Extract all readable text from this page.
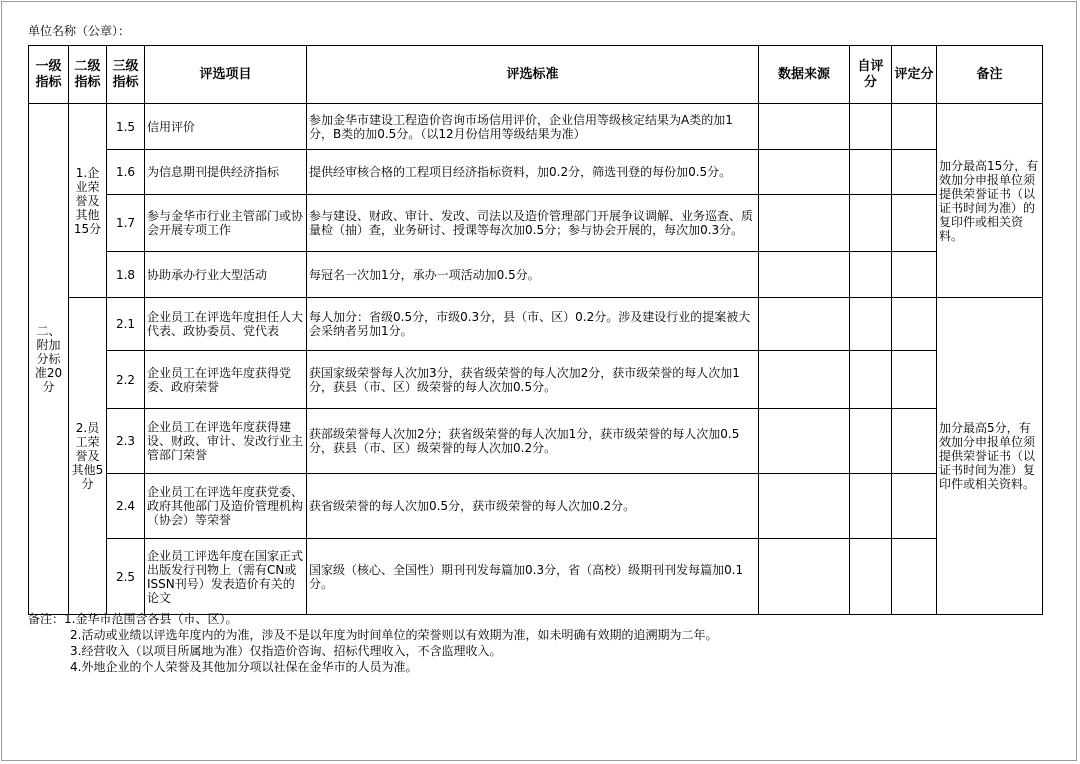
单位名称（公章）：
一级指标	二级指标	三级指标	评选项目	评选标准	数据来源	自评分	评定分	备注
二、附加分标准20分	1.企业荣誉及其他15分	1.5	信用评价	参加金华市建设工程造价咨询市场信用评价，企业信用等级核定结果为A类的加1分，B类的加0.5分。（以12月份信用等级结果为准）				加分最高15分，有效加分申报单位须提供荣誉证书（以证书时间为准）的复印件或相关资料。
		1.6	为信息期刊提供经济指标	提供经审核合格的工程项目经济指标资料，加0.2分，筛选刊登的每份加0.5分。				
		1.7	参与金华市行业主管部门或协会开展专项工作	参与建设、财政、审计、发改、司法以及造价管理部门开展争议调解、业务巡查、质量检（抽）查，业务研讨、授课等每次加0.5分；参与协会开展的，每次加0.3分。				
		1.8	协助承办行业大型活动	每冠名一次加1分，承办一项活动加0.5分。				
	2.员工荣誉及其他5分	2.1	企业员工在评选年度担任人大代表、政协委员、党代表	每人加分：省级0.5分，市级0.3分，县（市、区）0.2分。涉及建设行业的提案被大会采纳者另加1分。				加分最高5分，有效加分申报单位须提供荣誉证书（以证书时间为准）复印件或相关资料。
		2.2	企业员工在评选年度获得党委、政府荣誉	获国家级荣誉每人次加3分，获省级荣誉的每人次加2分，获市级荣誉的每人次加1分，获县（市、区）级荣誉的每人次加0.5分。				
		2.3	企业员工在评选年度获得建设、财政、审计、发改行业主管部门荣誉	获部级荣誉每人次加2分；获省级荣誉的每人次加1分，获市级荣誉的每人次加0.5分，获县（市、区）级荣誉的每人次加0.2分。				
		2.4	企业员工在评选年度获党委、政府其他部门及造价管理机构（协会）等荣誉	获省级荣誉的每人次加0.5分，获市级荣誉的每人次加0.2分。				
		2.5	企业员工评选年度在国家正式出版发行刊物上（需有CN或ISSN刊号）发表造价有关的论文	国家级（核心、全国性）期刊刊发每篇加0.3分，省（高校）级期刊刊发每篇加0.1分。				
备注：1.金华市范围含各县（市、区）。
2.活动或业绩以评选年度内的为准，涉及不是以年度为时间单位的荣誉则以有效期为准，如未明确有效期的追溯期为二年。
3.经营收入（以项目所属地为准）仅指造价咨询、招标代理收入，不含监理收入。
4.外地企业的个人荣誉及其他加分项以社保在金华市的人员为准。
